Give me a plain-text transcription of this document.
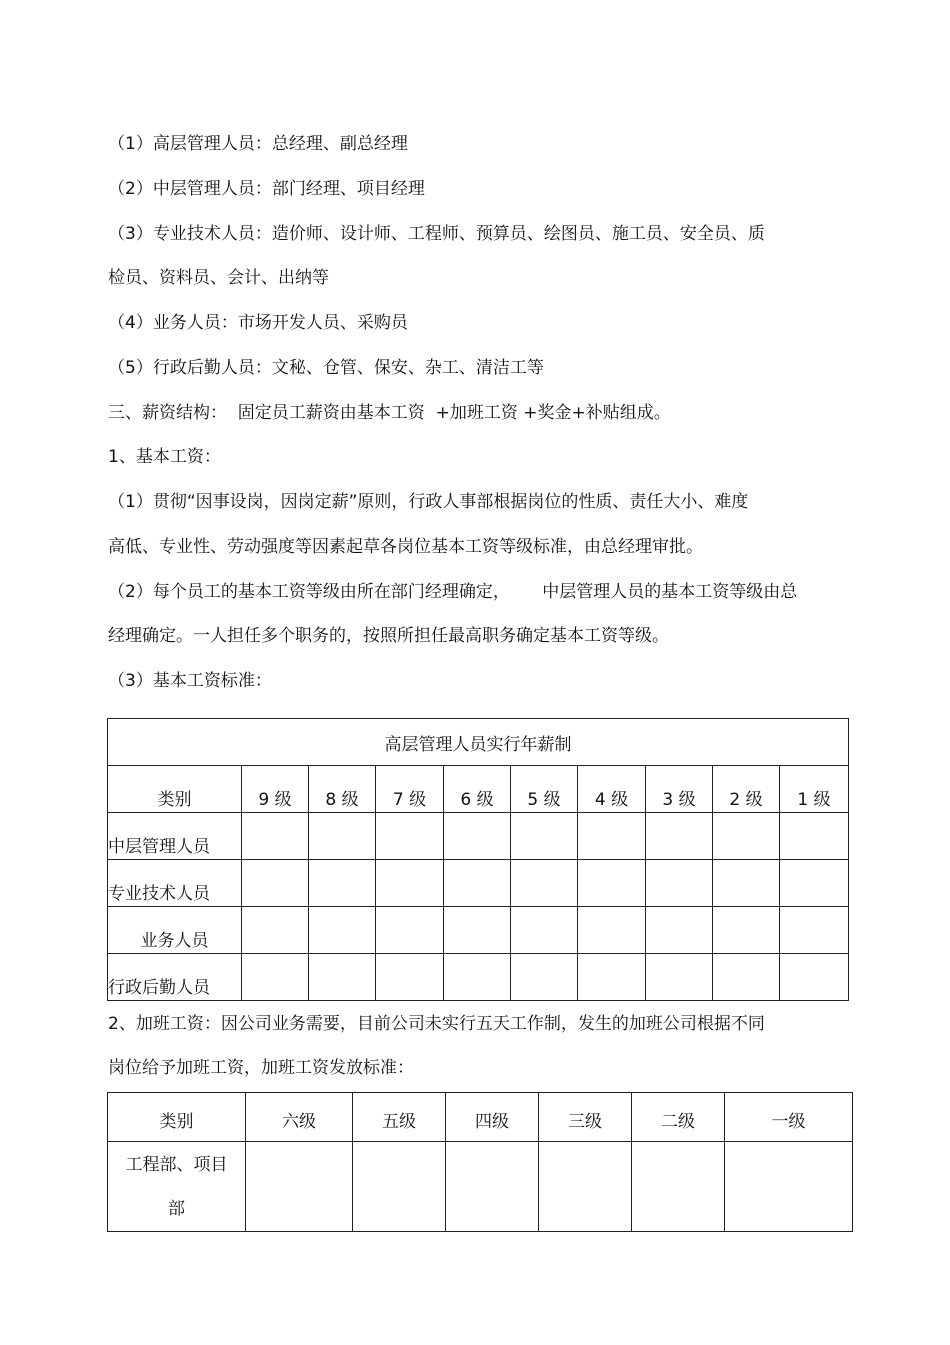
（1）高层管理人员：总经理、副总经理
（2）中层管理人员：部门经理、项目经理
（3）专业技术人员：造价师、设计师、工程师、预算员、绘图员、施工员、安全员、质
检员、资料员、会计、出纳等
（4）业务人员：市场开发人员、采购员
（5）行政后勤人员：文秘、仓管、保安、杂工、清洁工等
三、薪资结构：  固定员工薪资由基本工资  +加班工资 +奖金+补贴组成。
1、基本工资：
（1）贯彻“因事设岗，因岗定薪”原则，行政人事部根据岗位的性质、责任大小、难度
高低、专业性、劳动强度等因素起草各岗位基本工资等级标准，由总经理审批。
（2）每个员工的基本工资等级由所在部门经理确定，      中层管理人员的基本工资等级由总
经理确定。一人担任多个职务的，按照所担任最高职务确定基本工资等级。
（3）基本工资标准：
高层管理人员实行年薪制									
类别	9 级	8 级	7 级	6 级	5 级	4 级	3 级	2 级	1 级
中层管理人员									
专业技术人员									
业务人员									
行政后勤人员									
2、加班工资：因公司业务需要，目前公司未实行五天工作制，发生的加班公司根据不同
岗位给予加班工资，加班工资发放标准：
类别	六级	五级	四级	三级	二级	一级

工程部、项目
部						
